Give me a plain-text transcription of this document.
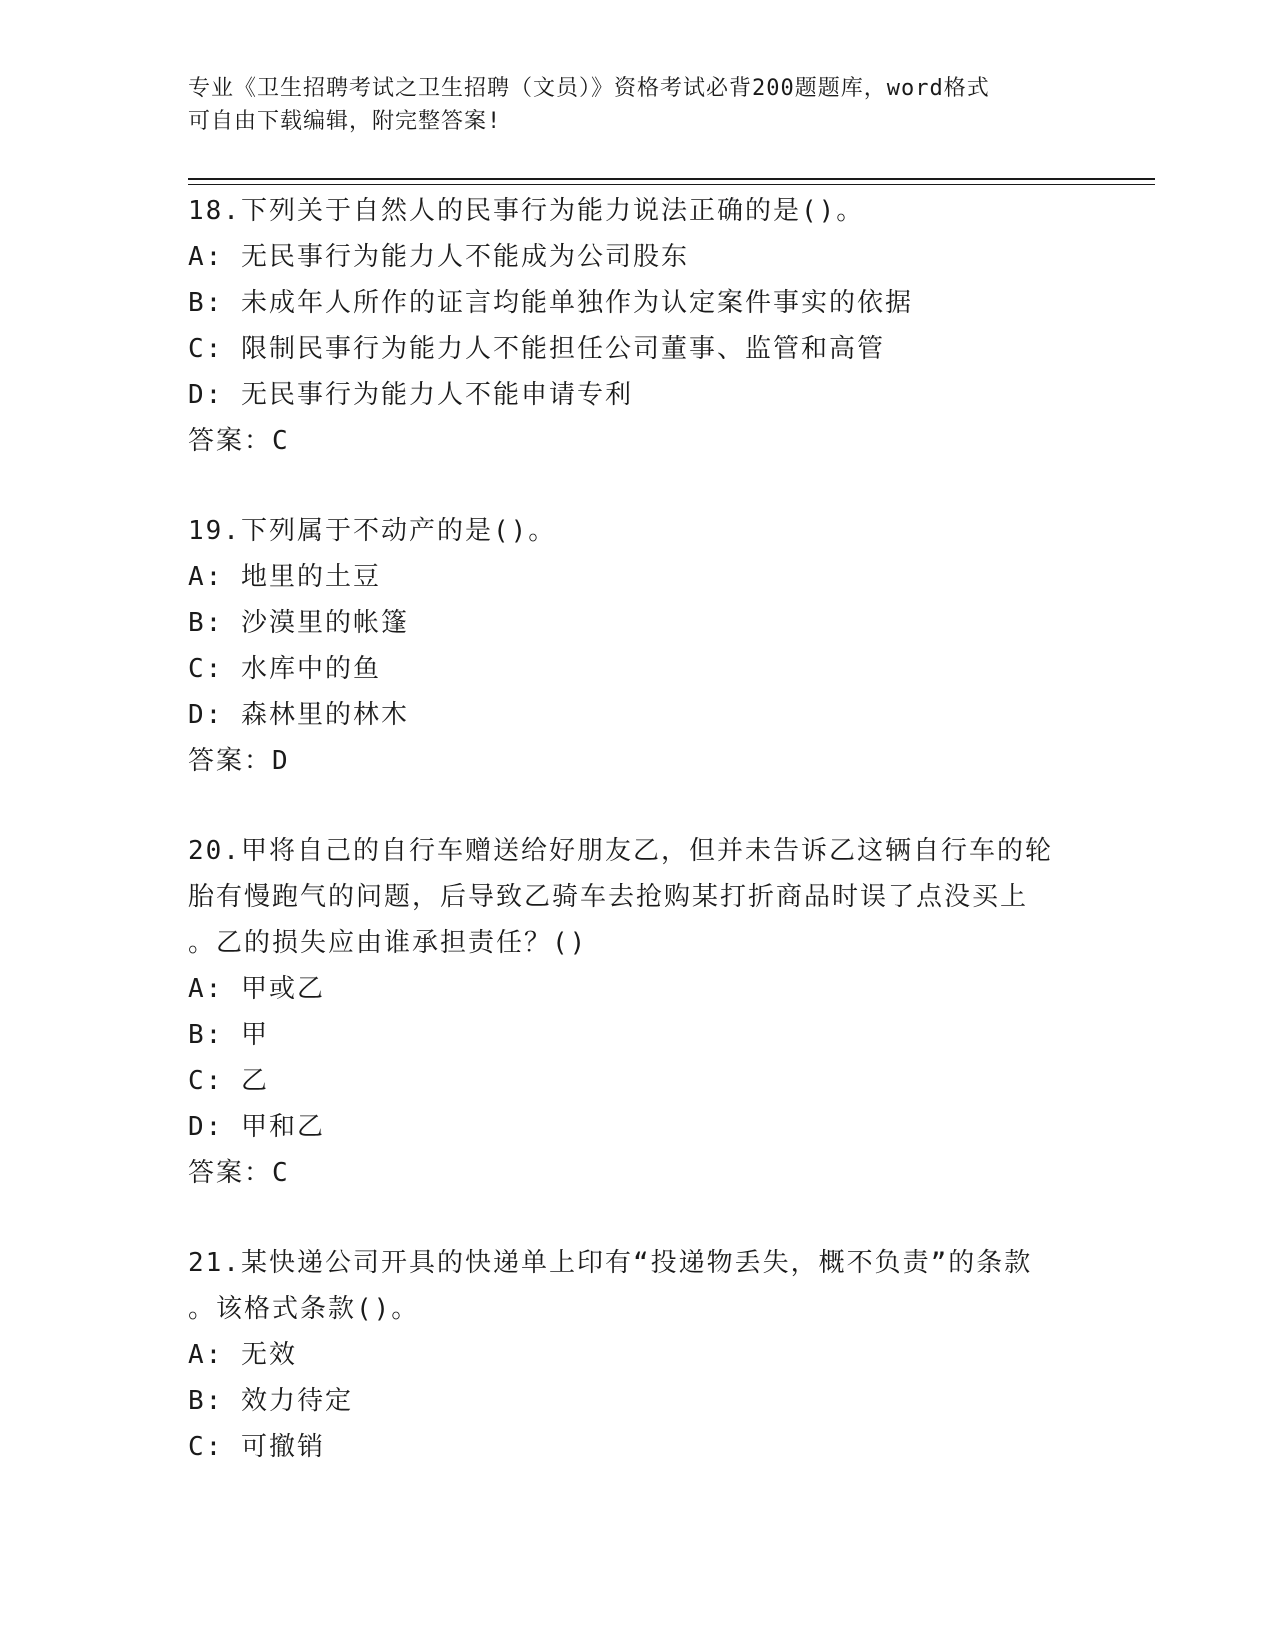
专业《卫生招聘考试之卫生招聘（文员）》资格考试必背200题题库，word格式

可自由下载编辑，附完整答案!

18.下列关于自然人的民事行为能力说法正确的是()。
A: 无民事行为能力人不能成为公司股东
B: 未成年人所作的证言均能单独作为认定案件事实的依据
C: 限制民事行为能力人不能担任公司董事、监管和高管
D: 无民事行为能力人不能申请专利
答案：C
19.下列属于不动产的是()。
A: 地里的土豆
B: 沙漠里的帐篷
C: 水库中的鱼
D: 森林里的林木
答案：D
20.甲将自己的自行车赠送给好朋友乙，但并未告诉乙这辆自行车的轮
胎有慢跑气的问题，后导致乙骑车去抢购某打折商品时误了点没买上
。乙的损失应由谁承担责任？()
A: 甲或乙
B: 甲
C: 乙
D: 甲和乙
答案：C
21.某快递公司开具的快递单上印有“投递物丢失，概不负责”的条款
。该格式条款()。
A: 无效
B: 效力待定
C: 可撤销
